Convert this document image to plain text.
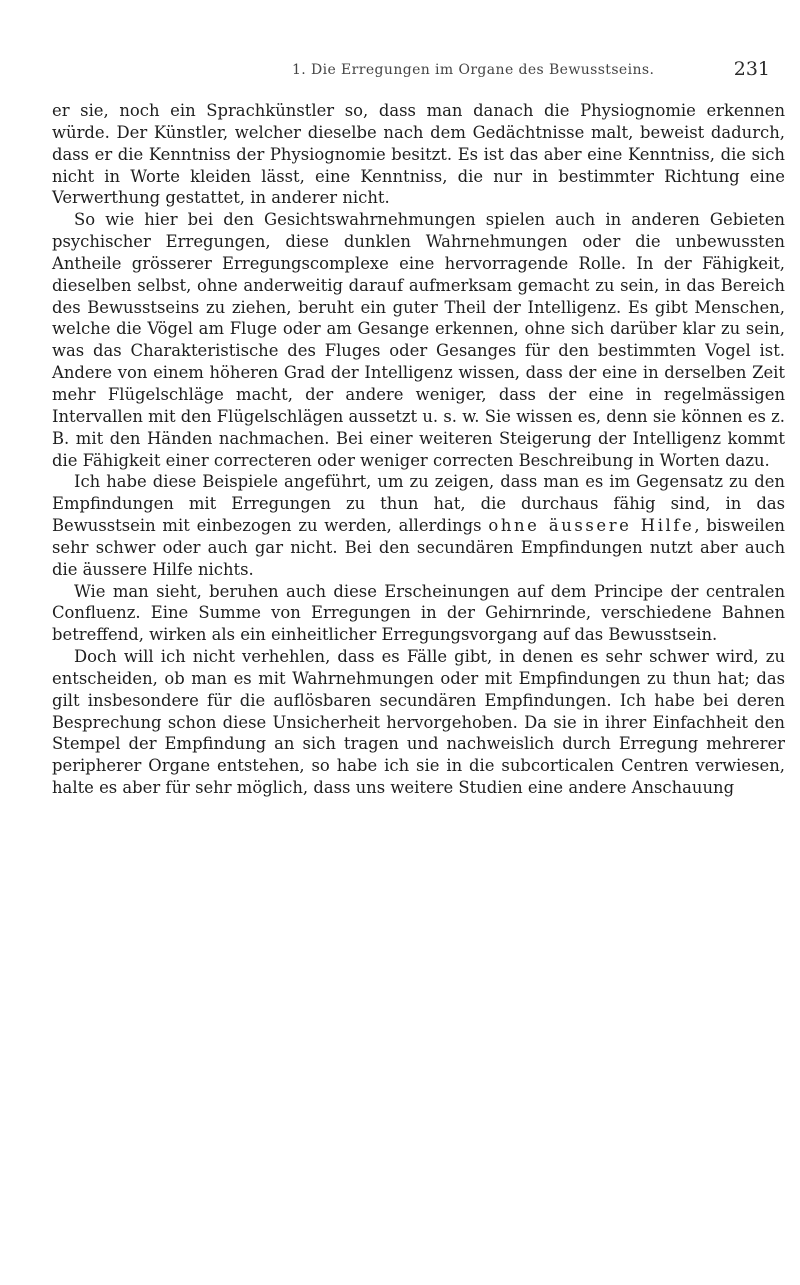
1. Die Erregungen im Organe des Bewusstseins.	231

er sie, noch ein Sprachkünstler so, dass man danach die Physiognomie erkennen würde. Der Künstler, welcher dieselbe nach dem Gedächtnisse malt, beweist dadurch, dass er die Kenntniss der Physiognomie besitzt. Es ist das aber eine Kenntniss, die sich nicht in Worte kleiden lässt, eine Kenntniss, die nur in bestimmter Richtung eine Verwerthung gestattet, in anderer nicht.

So wie hier bei den Gesichtswahrnehmungen spielen auch in anderen Gebieten psychischer Erregungen, diese dunklen Wahrnehmungen oder die unbewussten Antheile grösserer Erregungscomplexe eine hervorragende Rolle. In der Fähigkeit, dieselben selbst, ohne anderweitig darauf aufmerksam gemacht zu sein, in das Bereich des Bewusstseins zu ziehen, beruht ein guter Theil der Intelligenz. Es gibt Menschen, welche die Vögel am Fluge oder am Gesange erkennen, ohne sich darüber klar zu sein, was das Charakteristische des Fluges oder Gesanges für den bestimmten Vogel ist. Andere von einem höheren Grad der Intelligenz wissen, dass der eine in derselben Zeit mehr Flügelschläge macht, der andere weniger, dass der eine in regelmässigen Intervallen mit den Flügelschlägen aussetzt u. s. w. Sie wissen es, denn sie können es z. B. mit den Händen nachmachen. Bei einer weiteren Steigerung der Intelligenz kommt die Fähigkeit einer correcteren oder weniger correcten Beschreibung in Worten dazu.

Ich habe diese Beispiele angeführt, um zu zeigen, dass man es im Gegensatz zu den Empfindungen mit Erregungen zu thun hat, die durchaus fähig sind, in das Bewusstsein mit einbezogen zu werden, allerdings ohne äussere Hilfe, bisweilen sehr schwer oder auch gar nicht. Bei den secundären Empfindungen nutzt aber auch die äussere Hilfe nichts.

Wie man sieht, beruhen auch diese Erscheinungen auf dem Principe der centralen Confluenz. Eine Summe von Erregungen in der Gehirnrinde, verschiedene Bahnen betreffend, wirken als ein einheitlicher Erregungsvorgang auf das Bewusstsein.

Doch will ich nicht verhehlen, dass es Fälle gibt, in denen es sehr schwer wird, zu entscheiden, ob man es mit Wahrnehmungen oder mit Empfindungen zu thun hat; das gilt insbesondere für die auflösbaren secundären Empfindungen. Ich habe bei deren Besprechung schon diese Unsicherheit hervorgehoben. Da sie in ihrer Einfachheit den Stempel der Empfindung an sich tragen und nachweislich durch Erregung mehrerer peripherer Organe entstehen, so habe ich sie in die subcorticalen Centren verwiesen, halte es aber für sehr möglich, dass uns weitere Studien eine andere Anschauung
